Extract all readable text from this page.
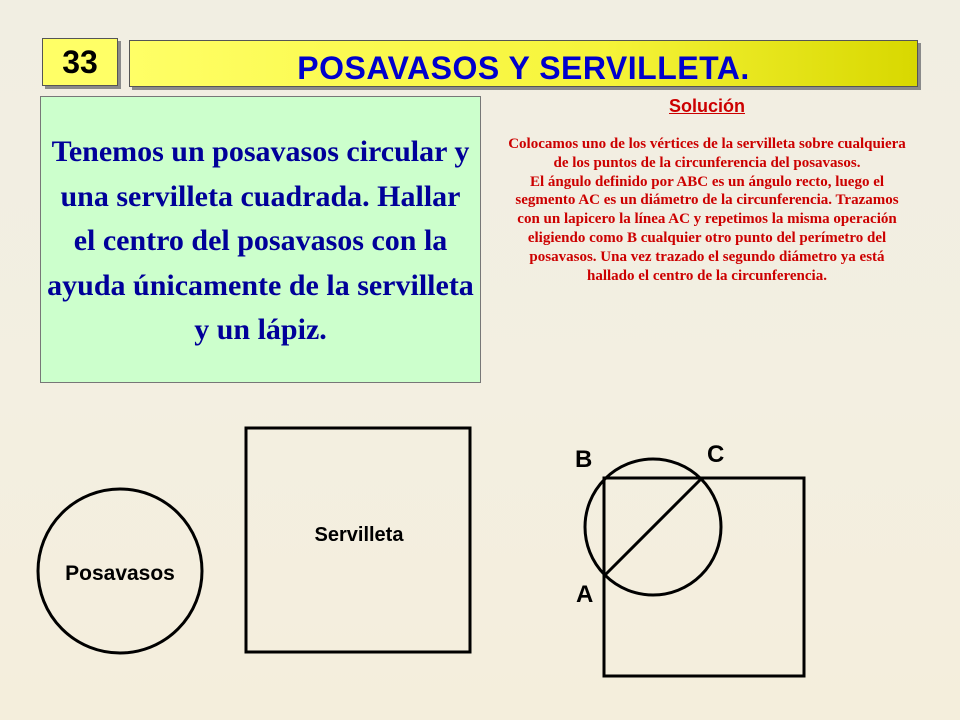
33	POSAVASOS Y SERVILLETA.
Tenemos un posavasos circular y una servilleta cuadrada. Hallar el centro del posavasos con la ayuda únicamente de la servilleta y un lápiz.
Solución

Colocamos uno de los vértices de la servilleta sobre cualquiera de los puntos de la circunferencia del posavasos.

El ángulo definido por ABC es un ángulo recto, luego el segmento AC es un diámetro de la circunferencia. Trazamos con un lapicero la línea AC y repetimos la misma operación eligiendo como B cualquier otro punto del perímetro del posavasos. Una vez trazado el segundo diámetro ya está hallado el centro de la circunferencia.

Posavasos
Servilleta
A
B	C
